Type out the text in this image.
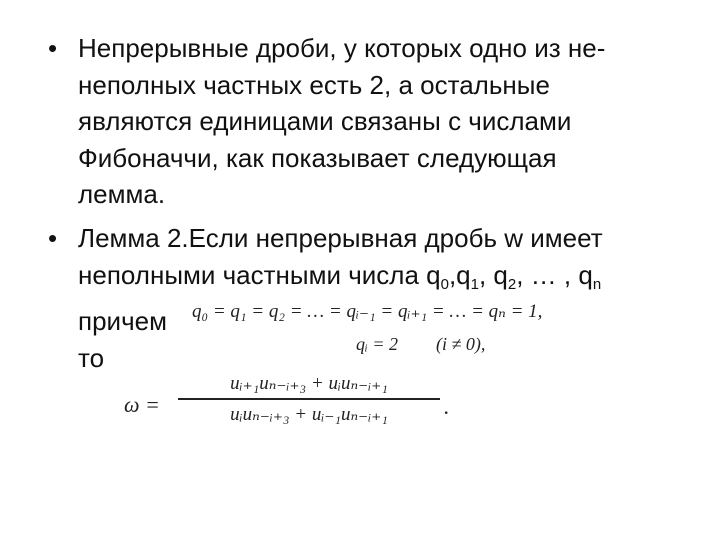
• Непрерывные дроби, у которых одно из не-
неполных частных есть 2, а остальные
являются единицами связаны с числами
Фибоначчи, как показывает следующая
лемма.
• Лемма 2.Если непрерывная дробь w имеет
неполными частными числа $q_0,q_1$, $q_2$, … , $q_n$
причем
то
q₀ = q₁ = q₂ = … = qᵢ₋₁ = qᵢ₊₁ = … = qₙ = 1,
qᵢ = 2 (i ≠ 0),
ω =
uᵢ₊₁uₙ₋ᵢ₊₃ + uᵢuₙ₋ᵢ₊₁
uᵢuₙ₋ᵢ₊₃ + uᵢ₋₁uₙ₋ᵢ₊₁	.
